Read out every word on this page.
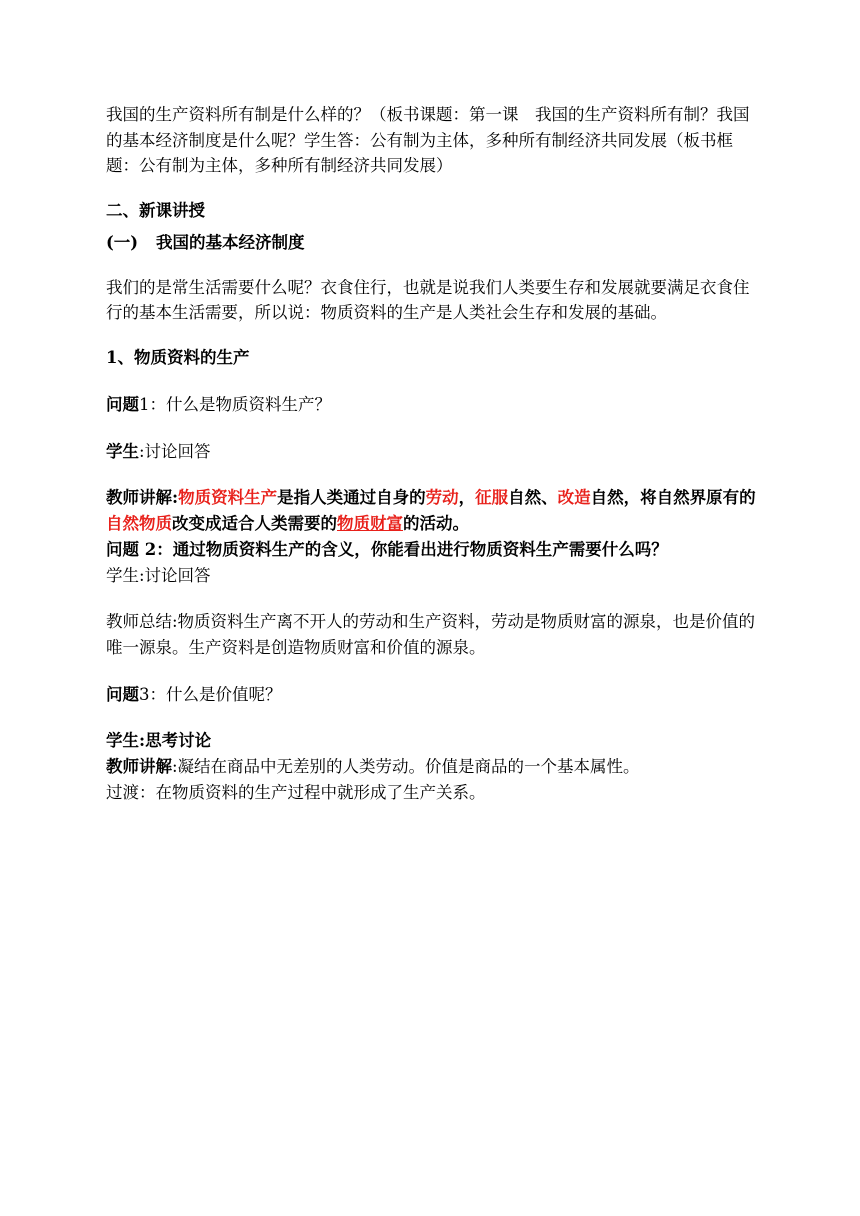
我国的生产资料所有制是什么样的？（板书课题：第一课　我国的生产资料所有制？我国的基本经济制度是什么呢？学生答：公有制为主体，多种所有制经济共同发展（板书框题：公有制为主体，多种所有制经济共同发展）

二、新课讲授

(一) 我国的基本经济制度

我们的是常生活需要什么呢？衣食住行，也就是说我们人类要生存和发展就要满足衣食住行的基本生活需要，所以说：物质资料的生产是人类社会生存和发展的基础。

1、物质资料的生产

问题1：什么是物质资料生产？

学生:讨论回答

教师讲解:物质资料生产是指人类通过自身的劳动，征服自然、改造自然，将自然界原有的自然物质改变成适合人类需要的物质财富的活动。

问题 2：通过物质资料生产的含义，你能看出进行物质资料生产需要什么吗？

学生:讨论回答

教师总结:物质资料生产离不开人的劳动和生产资料，劳动是物质财富的源泉，也是价值的唯一源泉。生产资料是创造物质财富和价值的源泉。

问题3：什么是价值呢？

学生:思考讨论

教师讲解:凝结在商品中无差别的人类劳动。价值是商品的一个基本属性。

过渡：在物质资料的生产过程中就形成了生产关系。
